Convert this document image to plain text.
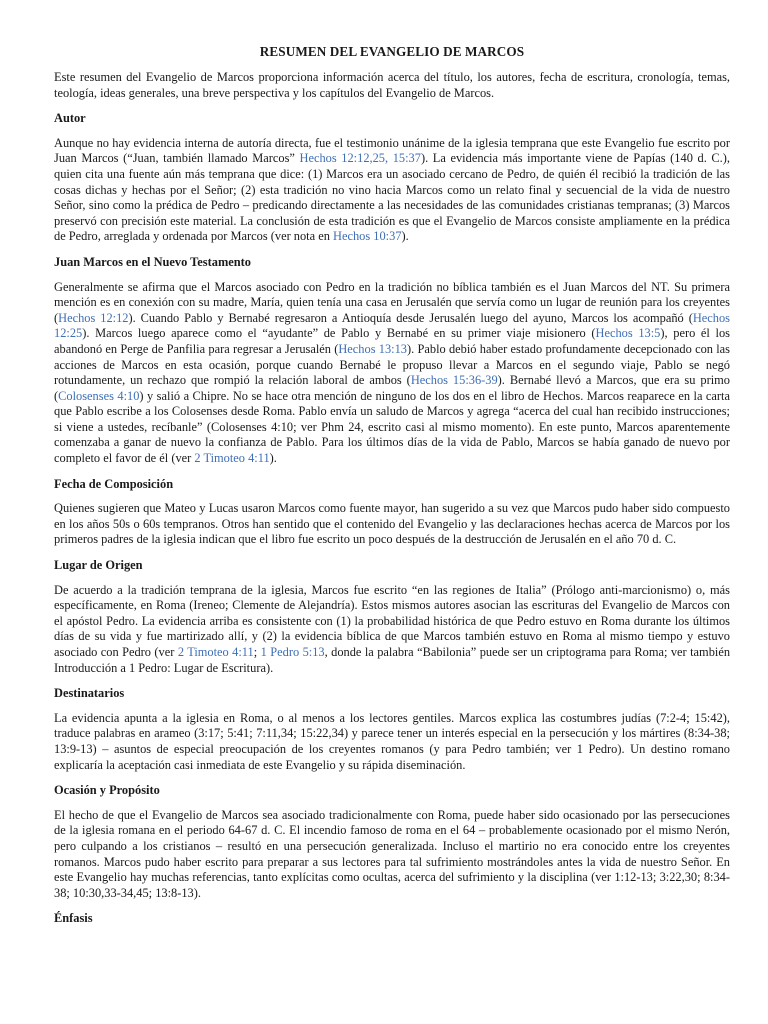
RESUMEN DEL EVANGELIO DE MARCOS

Este resumen del Evangelio de Marcos proporciona información acerca del título, los autores, fecha de escritura, cronología, temas, teología, ideas generales, una breve perspectiva y los capítulos del Evangelio de Marcos.

Autor

Aunque no hay evidencia interna de autoría directa, fue el testimonio unánime de la iglesia temprana que este Evangelio fue escrito por Juan Marcos (“Juan, también llamado Marcos” Hechos 12:12,25, 15:37). La evidencia más importante viene de Papías (140 d. C.), quien cita una fuente aún más temprana que dice: (1) Marcos era un asociado cercano de Pedro, de quién él recibió la tradición de las cosas dichas y hechas por el Señor; (2) esta tradición no vino hacia Marcos como un relato final y secuencial de la vida de nuestro Señor, sino como la prédica de Pedro – predicando directamente a las necesidades de las comunidades cristianas tempranas; (3) Marcos preservó con precisión este material. La conclusión de esta tradición es que el Evangelio de Marcos consiste ampliamente en la prédica de Pedro, arreglada y ordenada por Marcos (ver nota en Hechos 10:37).

Juan Marcos en el Nuevo Testamento

Generalmente se afirma que el Marcos asociado con Pedro en la tradición no bíblica también es el Juan Marcos del NT. Su primera mención es en conexión con su madre, María, quien tenía una casa en Jerusalén que servía como un lugar de reunión para los creyentes (Hechos 12:12). Cuando Pablo y Bernabé regresaron a Antioquía desde Jerusalén luego del ayuno, Marcos los acompañó (Hechos 12:25). Marcos luego aparece como el “ayudante” de Pablo y Bernabé en su primer viaje misionero (Hechos 13:5), pero él los abandonó en Perge de Panfilia para regresar a Jerusalén (Hechos 13:13). Pablo debió haber estado profundamente decepcionado con las acciones de Marcos en esta ocasión, porque cuando Bernabé le propuso llevar a Marcos en el segundo viaje, Pablo se negó rotundamente, un rechazo que rompió la relación laboral de ambos (Hechos 15:36-39). Bernabé llevó a Marcos, que era su primo (Colosenses 4:10) y salió a Chipre. No se hace otra mención de ninguno de los dos en el libro de Hechos. Marcos reaparece en la carta que Pablo escribe a los Colosenses desde Roma. Pablo envía un saludo de Marcos y agrega “acerca del cual han recibido instrucciones; si viene a ustedes, recíbanle” (Colosenses 4:10; ver Phm 24, escrito casi al mismo momento). En este punto, Marcos aparentemente comenzaba a ganar de nuevo la confianza de Pablo. Para los últimos días de la vida de Pablo, Marcos se había ganado de nuevo por completo el favor de él (ver 2 Timoteo 4:11).

Fecha de Composición

Quienes sugieren que Mateo y Lucas usaron Marcos como fuente mayor, han sugerido a su vez que Marcos pudo haber sido compuesto en los años 50s o 60s tempranos. Otros han sentido que el contenido del Evangelio y las declaraciones hechas acerca de Marcos por los primeros padres de la iglesia indican que el libro fue escrito un poco después de la destrucción de Jerusalén en el año 70 d. C.

Lugar de Origen

De acuerdo a la tradición temprana de la iglesia, Marcos fue escrito “en las regiones de Italia” (Prólogo anti-marcionismo) o, más específicamente, en Roma (Ireneo; Clemente de Alejandría). Estos mismos autores asocian las escrituras del Evangelio de Marcos con el apóstol Pedro. La evidencia arriba es consistente con (1) la probabilidad histórica de que Pedro estuvo en Roma durante los últimos días de su vida y fue martirizado allí, y (2) la evidencia bíblica de que Marcos también estuvo en Roma al mismo tiempo y estuvo asociado con Pedro (ver 2 Timoteo 4:11; 1 Pedro 5:13, donde la palabra “Babilonia” puede ser un criptograma para Roma; ver también Introducción a 1 Pedro: Lugar de Escritura).

Destinatarios

La evidencia apunta a la iglesia en Roma, o al menos a los lectores gentiles. Marcos explica las costumbres judías (7:2-4; 15:42), traduce palabras en arameo (3:17; 5:41; 7:11,34; 15:22,34) y parece tener un interés especial en la persecución y los mártires (8:34-38; 13:9-13) – asuntos de especial preocupación de los creyentes romanos (y para Pedro también; ver 1 Pedro). Un destino romano explicaría la aceptación casi inmediata de este Evangelio y su rápida diseminación.

Ocasión y Propósito

El hecho de que el Evangelio de Marcos sea asociado tradicionalmente con Roma, puede haber sido ocasionado por las persecuciones de la iglesia romana en el periodo 64-67 d. C. El incendio famoso de roma en el 64 – probablemente ocasionado por el mismo Nerón, pero culpando a los cristianos – resultó en una persecución generalizada. Incluso el martirio no era conocido entre los creyentes romanos. Marcos pudo haber escrito para preparar a sus lectores para tal sufrimiento mostrándoles antes la vida de nuestro Señor. En este Evangelio hay muchas referencias, tanto explícitas como ocultas, acerca del sufrimiento y la disciplina (ver 1:12-13; 3:22,30; 8:34-38; 10:30,33-34,45; 13:8-13).

Énfasis
